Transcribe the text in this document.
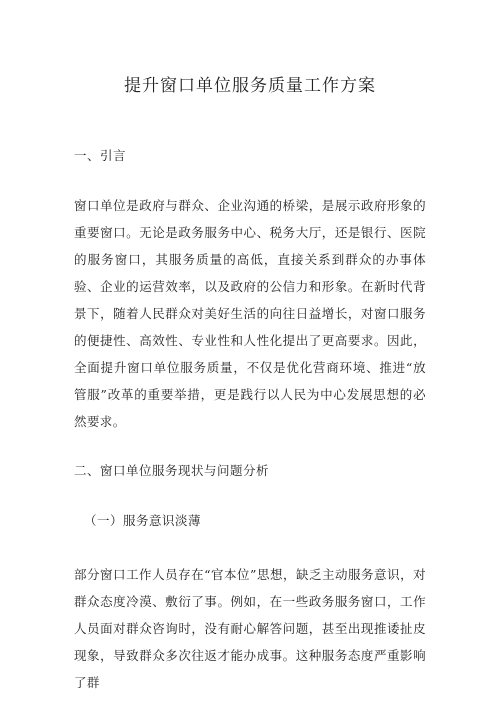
提升窗口单位服务质量工作方案

一、引言

窗口单位是政府与群众、企业沟通的桥梁，是展示政府形象的重要窗口。无论是政务服务中心、税务大厅，还是银行、医院的服务窗口，其服务质量的高低，直接关系到群众的办事体验、企业的运营效率，以及政府的公信力和形象。在新时代背景下，随着人民群众对美好生活的向往日益增长，对窗口服务的便捷性、高效性、专业性和人性化提出了更高要求。因此，全面提升窗口单位服务质量，不仅是优化营商环境、推进“放管服”改革的重要举措，更是践行以人民为中心发展思想的必然要求。

二、窗口单位服务现状与问题分析

（一）服务意识淡薄

部分窗口工作人员存在“官本位”思想，缺乏主动服务意识，对群众态度冷漠、敷衍了事。例如，在一些政务服务窗口，工作人员面对群众咨询时，没有耐心解答问题，甚至出现推诿扯皮现象，导致群众多次往返才能办成事。这种服务态度严重影响了群
